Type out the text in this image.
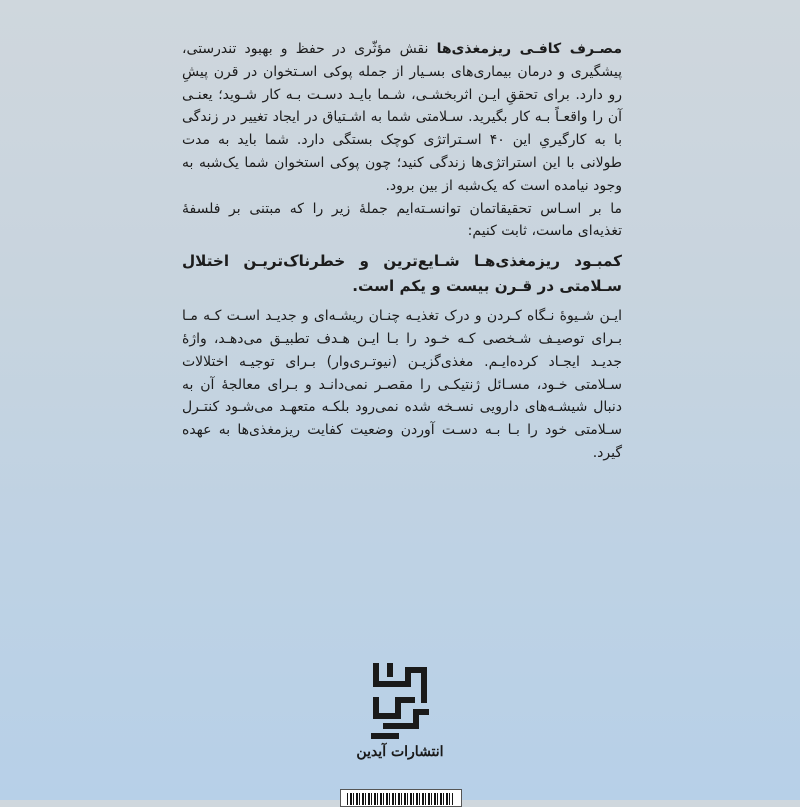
مصـرف کافـی ریزمغذی‌ها نقش مؤثّری در حفظ و بهبود تندرستی، پیشگیری و درمان بیماری‌های بسـیار از جمله پوکی اسـتخوان در قرن پیشِ رو دارد. برای تحققِ ایـن اثربخشـی، شـما بایـد دسـت بـه کار شـوید؛ یعنـی آن را واقعـاً بـه کار بگیرید. سـلامتی شما به اشـتیاق در ایجاد تغییر در زندگی با به کارگیریِ این ۴۰ اسـتراتژی کوچک بستگی دارد. شما باید به مدت طولانی با این استراتژی‌ها زندگی کنید؛ چون پوکی استخوان شما یک‌شبه به وجود نیامده است که یک‌شبه از بین برود.

ما بر اسـاس تحقیقاتمان توانسـته‌ایم جملهٔ زیر را که مبتنی بر فلسفهٔ تغذیه‌ای ماست، ثابت کنیم:

کمبـود ریزمغذی‌هـا شـایع‌ترین و خطرناک‌تریـن اختلال سـلامتی در قـرن بیست و یکم است.

ایـن شـیوهٔ نـگاه کـردن و درک تغذیـه چنـان ریشـه‌ای و جدیـد اسـت کـه مـا بـرای توصیـف شـخصی کـه خـود را بـا ایـن هـدف تطبیـق می‌دهـد، واژهٔ جدیـد ایجـاد کرده‌ایـم. مغذی‌گزیـن (نیوتـری‌وار) بـرای توجیـه اختلالات سـلامتی خـود، مسـائل ژنتیکـی را مقصـر نمی‌دانـد و بـرای معالجهٔ آن به دنبال شیشـه‌های دارویی نسـخه شده نمی‌رود بلکـه متعهـد می‌شـود کنتـرل سـلامتی خود را بـا بـه دسـت آوردن وضعیت کفایت ریزمغذی‌ها به عهده گیرد.

انتشارات آیدین
